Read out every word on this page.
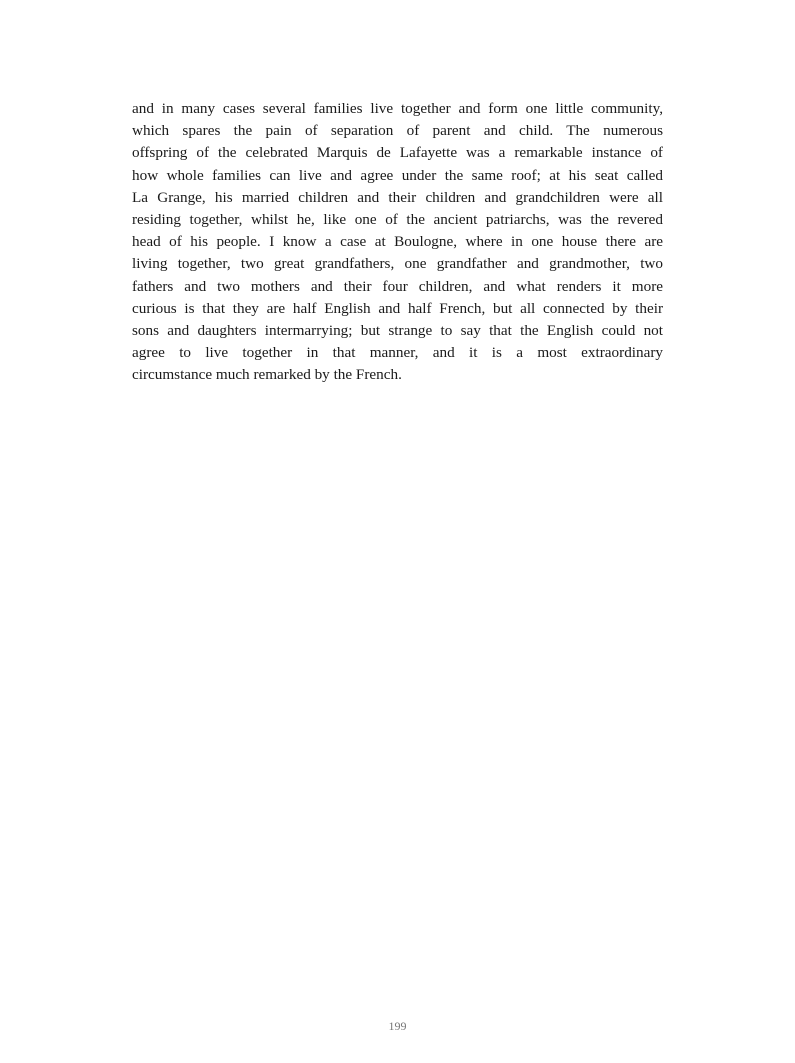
and in many cases several families live together and form one little community,
which spares the pain of separation of parent and child. The numerous
offspring of the celebrated Marquis de Lafayette was a remarkable instance of
how whole families can live and agree under the same roof; at his seat called
La Grange, his married children and their children and grandchildren were all
residing together, whilst he, like one of the ancient patriarchs, was the revered
head of his people. I know a case at Boulogne, where in one house there are
living together, two great grandfathers, one grandfather and grandmother, two
fathers and two mothers and their four children, and what renders it more
curious is that they are half English and half French, but all connected by their
sons and daughters intermarrying; but strange to say that the English could not
agree to live together in that manner, and it is a most extraordinary
circumstance much remarked by the French.
199
